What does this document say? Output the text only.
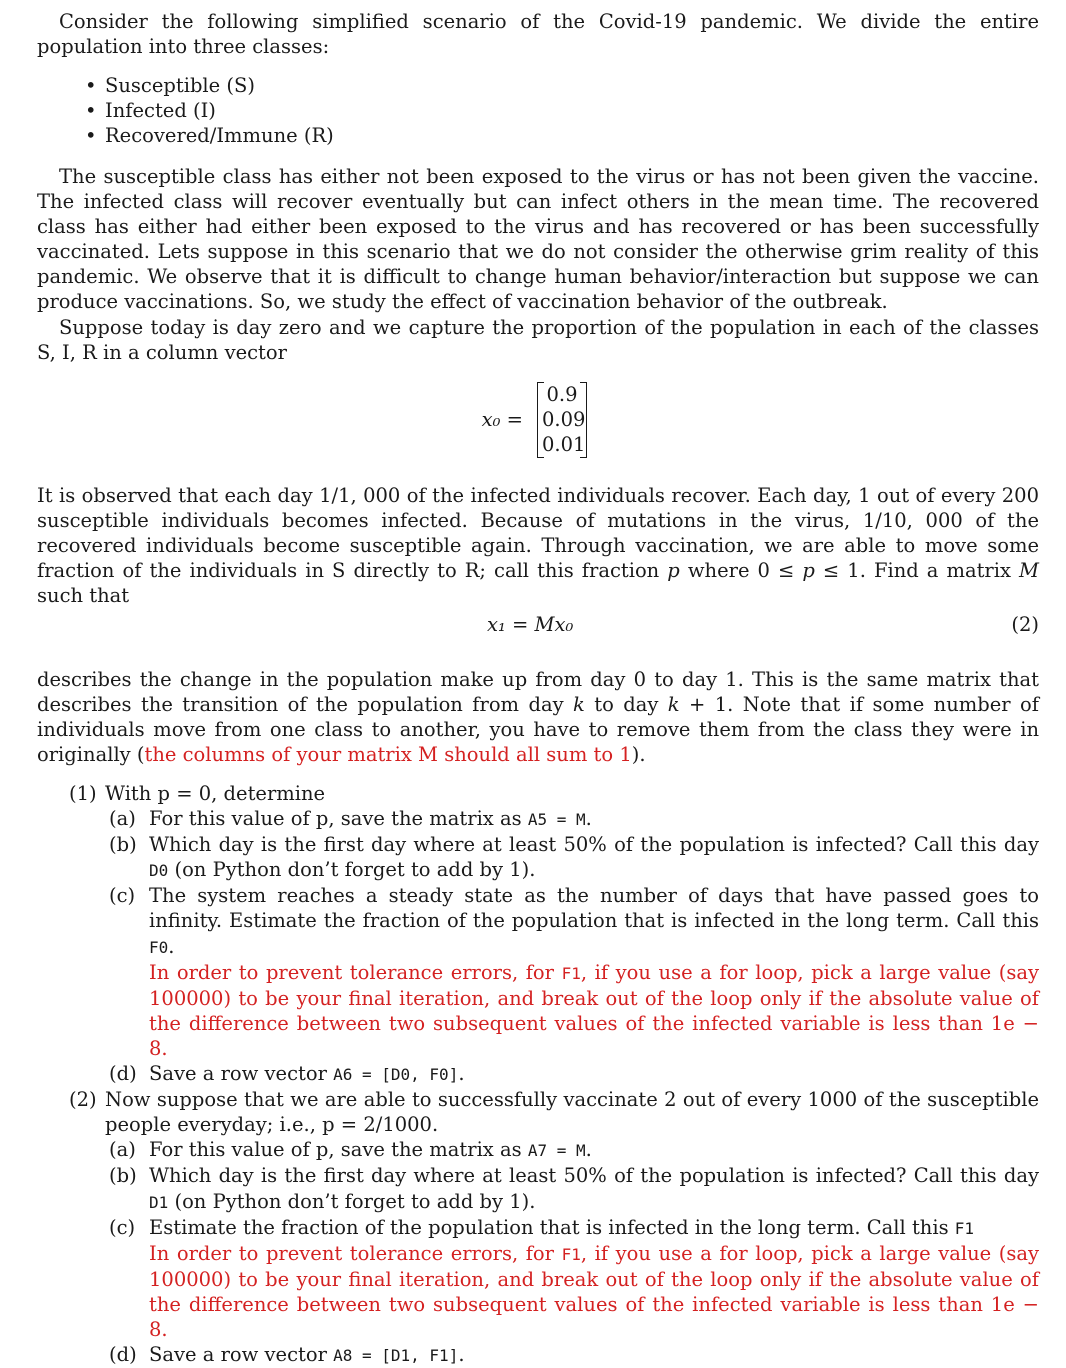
Consider the following simplified scenario of the Covid-19 pandemic. We divide the entire population into three classes:

• Susceptible (S)
• Infected (I)
• Recovered/Immune (R)

The susceptible class has either not been exposed to the virus or has not been given the vaccine. The infected class will recover eventually but can infect others in the mean time. The recovered class has either had either been exposed to the virus and has recovered or has been successfully vaccinated. Lets suppose in this scenario that we do not consider the otherwise grim reality of this pandemic. We observe that it is difficult to change human behavior/interaction but suppose we can produce vaccinations. So, we study the effect of vaccination behavior of the outbreak.

Suppose today is day zero and we capture the proportion of the population in each of the classes S, I, R in a column vector

x₀ =
0.9
0.09
0.01

It is observed that each day 1/1, 000 of the infected individuals recover. Each day, 1 out of every 200 susceptible individuals becomes infected. Because of mutations in the virus, 1/10, 000 of the recovered individuals become susceptible again. Through vaccination, we are able to move some fraction of the individuals in S directly to R; call this fraction p where 0 ≤ p ≤ 1. Find a matrix M such that

x₁ = Mx₀	(2)

describes the change in the population make up from day 0 to day 1. This is the same matrix that describes the transition of the population from day k to day k + 1. Note that if some number of individuals move from one class to another, you have to remove them from the class they were in originally (the columns of your matrix M should all sum to 1).

(1) With p = 0, determine

(a) For this value of p, save the matrix as A5 = M.

(b) Which day is the first day where at least 50% of the population is infected? Call this day D0 (on Python don’t forget to add by 1).

(c) The system reaches a steady state as the number of days that have passed goes to infinity. Estimate the fraction of the population that is infected in the long term. Call this F0.

In order to prevent tolerance errors, for F1, if you use a for loop, pick a large value (say 100000) to be your final iteration, and break out of the loop only if the absolute value of the difference between two subsequent values of the infected variable is less than 1e − 8.

(d) Save a row vector A6 = [D0, F0].

(2) Now suppose that we are able to successfully vaccinate 2 out of every 1000 of the susceptible people everyday; i.e., p = 2/1000.

(a) For this value of p, save the matrix as A7 = M.

(b) Which day is the first day where at least 50% of the population is infected? Call this day D1 (on Python don’t forget to add by 1).

(c) Estimate the fraction of the population that is infected in the long term. Call this F1

In order to prevent tolerance errors, for F1, if you use a for loop, pick a large value (say 100000) to be your final iteration, and break out of the loop only if the absolute value of the difference between two subsequent values of the infected variable is less than 1e − 8.

(d) Save a row vector A8 = [D1, F1].
